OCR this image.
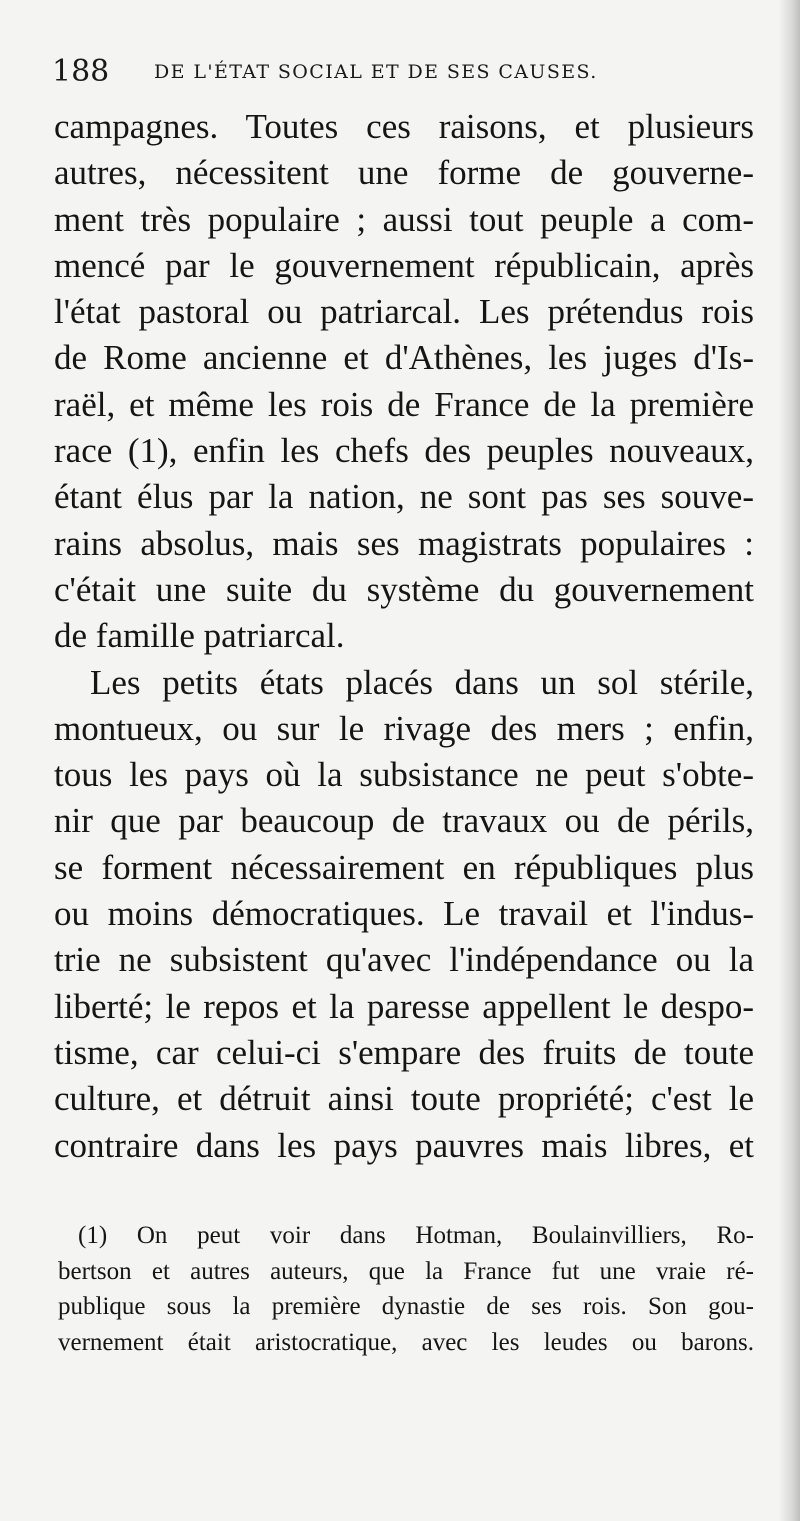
188 DE L'ÉTAT SOCIAL ET DE SES CAUSES.
campagnes. Toutes ces raisons, et plusieurs
autres, nécessitent une forme de gouverne-
ment très populaire ; aussi tout peuple a com-
mencé par le gouvernement républicain, après
l'état pastoral ou patriarcal. Les prétendus rois
de Rome ancienne et d'Athènes, les juges d'Is-
raël, et même les rois de France de la première
race (1), enfin les chefs des peuples nouveaux,
étant élus par la nation, ne sont pas ses souve-
rains absolus, mais ses magistrats populaires :
c'était une suite du système du gouvernement
de famille patriarcal.
Les petits états placés dans un sol stérile,
montueux, ou sur le rivage des mers ; enfin,
tous les pays où la subsistance ne peut s'obte-
nir que par beaucoup de travaux ou de périls,
se forment nécessairement en républiques plus
ou moins démocratiques. Le travail et l'indus-
trie ne subsistent qu'avec l'indépendance ou la
liberté; le repos et la paresse appellent le despo-
tisme, car celui-ci s'empare des fruits de toute
culture, et détruit ainsi toute propriété; c'est le
contraire dans les pays pauvres mais libres, et
(1) On peut voir dans Hotman, Boulainvilliers, Ro-
bertson et autres auteurs, que la France fut une vraie ré-
publique sous la première dynastie de ses rois. Son gou-
vernement était aristocratique, avec les leudes ou barons.
